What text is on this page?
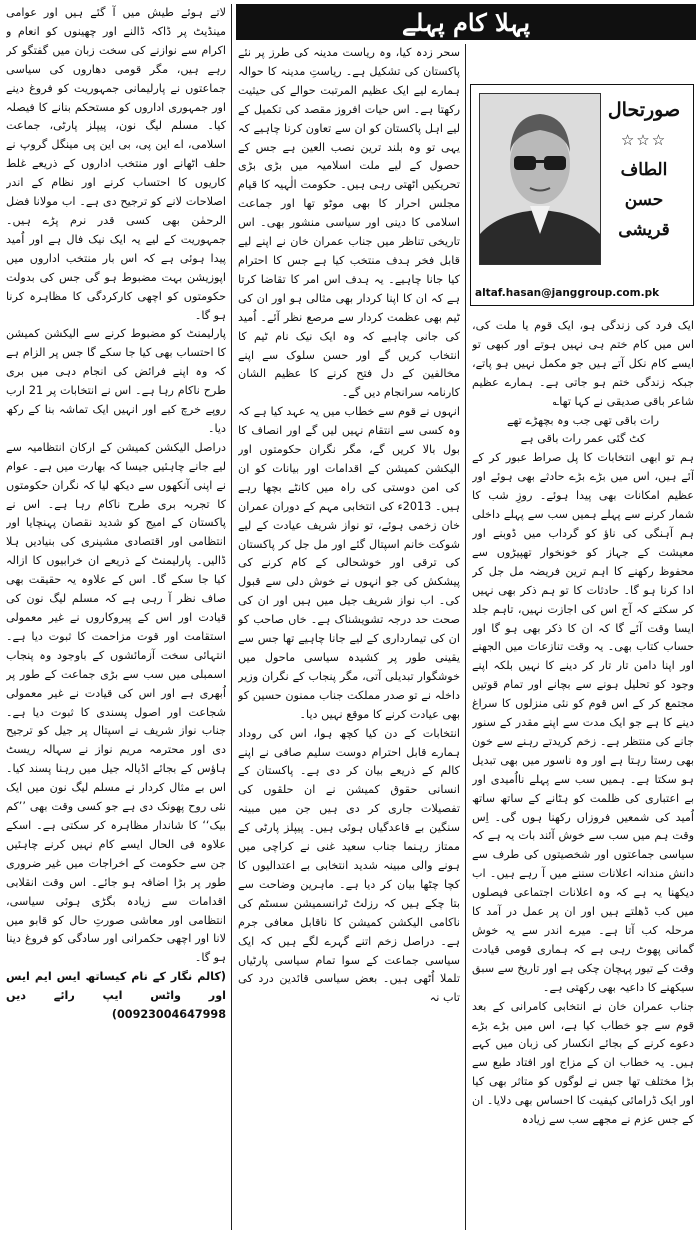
پہلا کام پہلے
صورتحال
☆☆☆
الطاف حسن قریشی
altaf.hasan@janggroup.com.pk

ایک فرد کی زندگی ہو، ایک قوم یا ملت کی، اس میں کام ختم ہی نہیں ہوتے اور کبھی تو ایسے کام نکل آتے ہیں جو مکمل نہیں ہو پاتے، جبکہ زندگی ختم ہو جاتی ہے۔ ہمارے عظیم شاعر باقی صدیقی نے کہا تھا؎

رات باقی تھی جب وہ بچھڑے تھے

کٹ گئی عمر رات باقی ہے

ہم تو ابھی انتخابات کا پل صراط عبور کر کے آئے ہیں، اس میں بڑے بڑے حادثے بھی ہوئے اور عظیم امکانات بھی پیدا ہوئے۔ روزِ شب کا شمار کرنے سے پہلے ہمیں سب سے پہلے داخلی ہم آہنگی کی ناؤ کو گرداب میں ڈوبنے اور معیشت کے جہاز کو خونخوار تھپیڑوں سے محفوظ رکھنے کا اہم ترین فریضہ مل جل کر ادا کرنا ہو گا۔ حادثات کا تو ہم ذکر بھی نہیں کر سکتے کہ آج اس کی اجازت نہیں، تاہم جلد ایسا وقت آئے گا کہ ان کا ذکر بھی ہو گا اور حساب کتاب بھی۔ یہ وقت تنازعات میں الجھنے اور اپنا دامن تار تار کر دینے کا نہیں بلکہ اپنے وجود کو تحلیل ہونے سے بچانے اور تمام قوتیں مجتمع کر کے اس قوم کو نئی منزلوں کا سراغ دینے کا ہے جو ایک مدت سے اپنے مقدر کے سنور جانے کی منتظر ہے۔ زخم کریدتے رہنے سے خون بھی رستا رہتا ہے اور وہ ناسور میں بھی تبدیل ہو سکتا ہے۔ ہمیں سب سے پہلے نااُمیدی اور بے اعتباری کی ظلمت کو ہٹانے کے ساتھ ساتھ اُمید کی شمعیں فروزاں رکھنا ہوں گی۔ اِس وقت ہم میں سب سے خوش آئند بات یہ ہے کہ سیاسی جماعتوں اور شخصیتوں کی طرف سے دانش مندانہ اعلانات سننے میں آ رہے ہیں۔ اب دیکھنا یہ ہے کہ وہ اعلانات اجتماعی فیصلوں میں کب ڈھلتے ہیں اور ان پر عمل در آمد کا مرحلہ کب آتا ہے۔ میرے اندر سے یہ خوش گمانی پھوٹ رہی ہے کہ ہماری قومی قیادت وقت کے تیور پہچان چکی ہے اور تاریخ سے سبق سیکھنے کا داعیہ بھی رکھتی ہے۔

جناب عمران خان نے انتخابی کامرانی کے بعد قوم سے جو خطاب کیا ہے، اس میں بڑے بڑے دعوے کرنے کے بجائے انکسار کی زبان میں کہے ہیں۔ یہ خطاب ان کے مزاج اور افتاد طبع سے بڑا مختلف تھا جس نے لوگوں کو متاثر بھی کیا اور ایک ڈرامائی کیفیت کا احساس بھی دلایا۔ ان کے جس عزم نے مجھے سب سے زیادہ

سحر زدہ کیا، وہ ریاست مدینہ کی طرز پر نئے پاکستان کی تشکیل ہے۔ ریاستِ مدینہ کا حوالہ ہمارے لیے ایک عظیم المرتبت حوالے کی حیثیت رکھتا ہے۔ اس حیات افروز مقصد کی تکمیل کے لیے اہل پاکستان کو ان سے تعاون کرنا چاہیے کہ یہی تو وہ بلند ترین نصب العین ہے جس کے حصول کے لیے ملت اسلامیہ میں بڑی بڑی تحریکیں اٹھتی رہی ہیں۔ حکومت الٰہیہ کا قیام مجلس احرار کا بھی موٹو تھا اور جماعت اسلامی کا دینی اور سیاسی منشور بھی۔ اس تاریخی تناظر میں جناب عمران خان نے اپنے لیے قابل فخر ہدف منتخب کیا ہے جس کا احترام کیا جانا چاہیے۔ یہ ہدف اس امر کا تقاضا کرتا ہے کہ ان کا اپنا کردار بھی مثالی ہو اور ان کی ٹیم بھی عظمت کردار سے مرصع نظر آئے۔ اُمید کی جانی چاہیے کہ وہ ایک نیک نام ٹیم کا انتخاب کریں گے اور حسن سلوک سے اپنے مخالفین کے دل فتح کرنے کا عظیم الشان کارنامہ سرانجام دیں گے۔

انہوں نے قوم سے خطاب میں یہ عہد کیا ہے کہ وہ کسی سے انتقام نہیں لیں گے اور انصاف کا بول بالا کریں گے، مگر نگران حکومتوں اور الیکشن کمیشن کے اقدامات اور بیانات کو ان کی امن دوستی کی راہ میں کانٹے بچھا رہے ہیں۔ 2013ء کی انتخابی مہم کے دوران عمران خان زخمی ہوئے، تو نواز شریف عیادت کے لیے شوکت خانم اسپتال گئے اور مل جل کر پاکستان کی ترقی اور خوشحالی کے کام کرنے کی پیشکش کی جو انہوں نے خوش دلی سے قبول کی۔ اب نواز شریف جیل میں ہیں اور ان کی صحت حد درجہ تشویشناک ہے۔ خاں صاحب کو ان کی تیمارداری کے لیے جانا چاہیے تھا جس سے یقینی طور پر کشیدہ سیاسی ماحول میں خوشگوار تبدیلی آتی، مگر پنجاب کے نگران وزیر داخلہ نے تو صدر مملکت جناب ممنون حسین کو بھی عیادت کرنے کا موقع نہیں دیا۔

انتخابات کے دن کیا کچھ ہوا، اس کی روداد ہمارے قابل احترام دوست سلیم صافی نے اپنے کالم کے ذریعے بیان کر دی ہے۔ پاکستان کے انسانی حقوق کمیشن نے ان حلقوں کی تفصیلات جاری کر دی ہیں جن میں مبینہ سنگین بے قاعدگیاں ہوئی ہیں۔ پیپلز پارٹی کے ممتاز رہنما جناب سعید غنی نے کراچی میں ہونے والی مبینہ شدید انتخابی بے اعتدالیوں کا کچا چٹھا بیان کر دیا ہے۔ ماہرین وضاحت سے بتا چکے ہیں کہ رزلٹ ٹرانسمیشن سسٹم کی ناکامی الیکشن کمیشن کا ناقابل معافی جرم ہے۔ دراصل زخم اتنے گہرے لگے ہیں کہ ایک سیاسی جماعت کے سوا تمام سیاسی پارٹیاں تلملا اُٹھی ہیں۔ بعض سیاسی قائدین درد کی تاب نہ

لاتے ہوئے طیش میں آ گئے ہیں اور عوامی مینڈیٹ پر ڈاکہ ڈالنے اور چھینوں کو انعام و اکرام سے نوازنے کی سخت زبان میں گفتگو کر رہے ہیں، مگر قومی دھاروں کی سیاسی جماعتوں نے پارلیمانی جمہوریت کو فروغ دینے اور جمہوری اداروں کو مستحکم بنانے کا فیصلہ کیا۔ مسلم لیگ نون، پیپلز پارٹی، جماعت اسلامی، اے این پی، بی این پی مینگل گروپ نے حلف اٹھانے اور منتخب اداروں کے ذریعے غلط کاریوں کا احتساب کرنے اور نظام کے اندر اصلاحات لانے کو ترجیح دی ہے۔ اب مولانا فضل الرحمٰن بھی کسی قدر نرم پڑے ہیں۔ جمہوریت کے لیے یہ ایک نیک فال ہے اور اُمید پیدا ہوئی ہے کہ اس بار منتخب اداروں میں اپوزیشن بہت مضبوط ہو گی جس کی بدولت حکومتوں کو اچھی کارکردگی کا مظاہرہ کرنا ہو گا۔

پارلیمنٹ کو مضبوط کرنے سے الیکشن کمیشن کا احتساب بھی کیا جا سکے گا جس پر الزام ہے کہ وہ اپنے فرائض کی انجام دہی میں بری طرح ناکام رہا ہے۔ اس نے انتخابات پر 21 ارب روپے خرچ کیے اور انہیں ایک تماشہ بنا کے رکھ دیا۔

دراصل الیکشن کمیشن کے ارکان انتظامیہ سے لیے جانے چاہئیں جیسا کہ بھارت میں ہے۔ عوام نے اپنی آنکھوں سے دیکھ لیا کہ نگران حکومتوں کا تجربہ بری طرح ناکام رہا ہے۔ اس نے پاکستان کے امیج کو شدید نقصان پہنچایا اور انتظامی اور اقتصادی مشینری کی بنیادیں ہلا ڈالیں۔ پارلیمنٹ کے ذریعے ان خرابیوں کا ازالہ کیا جا سکے گا۔ اس کے علاوہ یہ حقیقت بھی صاف نظر آ رہی ہے کہ مسلم لیگ نون کی قیادت اور اس کے پیروکاروں نے غیر معمولی استقامت اور قوت مزاحمت کا ثبوت دیا ہے۔ انتہائی سخت آزمائشوں کے باوجود وہ پنجاب اسمبلی میں سب سے بڑی جماعت کے طور پر اُبھری ہے اور اس کی قیادت نے غیر معمولی شجاعت اور اصول پسندی کا ثبوت دیا ہے۔ جناب نواز شریف نے اسپتال پر جیل کو ترجیح دی اور محترمہ مریم نواز نے سہالہ ریسٹ ہاؤس کے بجائے اڈیالہ جیل میں رہنا پسند کیا۔ اس بے مثال کردار نے مسلم لیگ نون میں ایک نئی روح پھونک دی ہے جو کسی وقت بھی ’’کم بیک‘‘ کا شاندار مظاہرہ کر سکتی ہے۔ اسکے علاوہ فی الحال ایسے کام نہیں کرنے چاہئیں جن سے حکومت کے اخراجات میں غیر ضروری طور پر بڑا اضافہ ہو جائے۔ اس وقت انقلابی اقدامات سے زیادہ بگڑی ہوئی سیاسی، انتظامی اور معاشی صورتِ حال کو قابو میں لانا اور اچھی حکمرانی اور سادگی کو فروغ دینا ہو گا۔

(کالم نگار کے نام کیساتھ ایس ایم ایس اور واٹس ایپ رائے دیں 00923004647998)
